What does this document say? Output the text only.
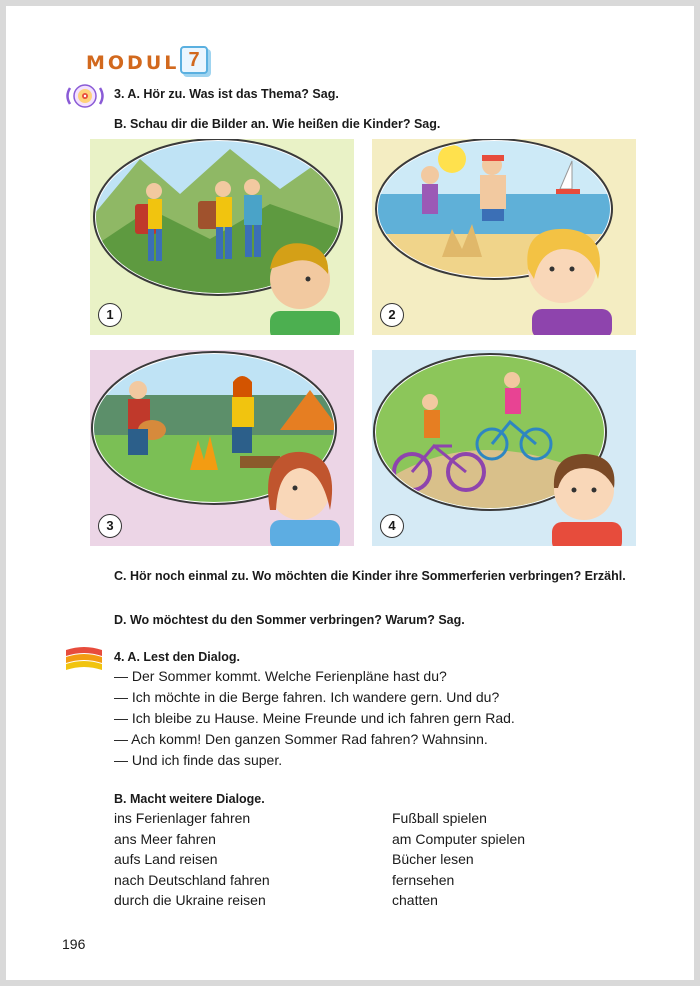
MODUL 7
3. A. Hör zu. Was ist das Thema? Sag.
B. Schau dir die Bilder an. Wie heißen die Kinder? Sag.
1	2
3	4
C. Hör noch einmal zu. Wo möchten die Kinder ihre Sommerferien verbringen? Erzähl.
D. Wo möchtest du den Sommer verbringen? Warum? Sag.
4. A. Lest den Dialog.
— Der Sommer kommt. Welche Ferienpläne hast du?
— Ich möchte in die Berge fahren. Ich wandere gern. Und du?
— Ich bleibe zu Hause. Meine Freunde und ich fahren gern Rad.
— Ach komm! Den ganzen Sommer Rad fahren? Wahnsinn.
— Und ich finde das super.
B. Macht weitere Dialoge.
ins Ferienlager fahren
ans Meer fahren
aufs Land reisen
nach Deutschland fahren
durch die Ukraine reisen
Fußball spielen
am Computer spielen
Bücher lesen
fernsehen
chatten
196
